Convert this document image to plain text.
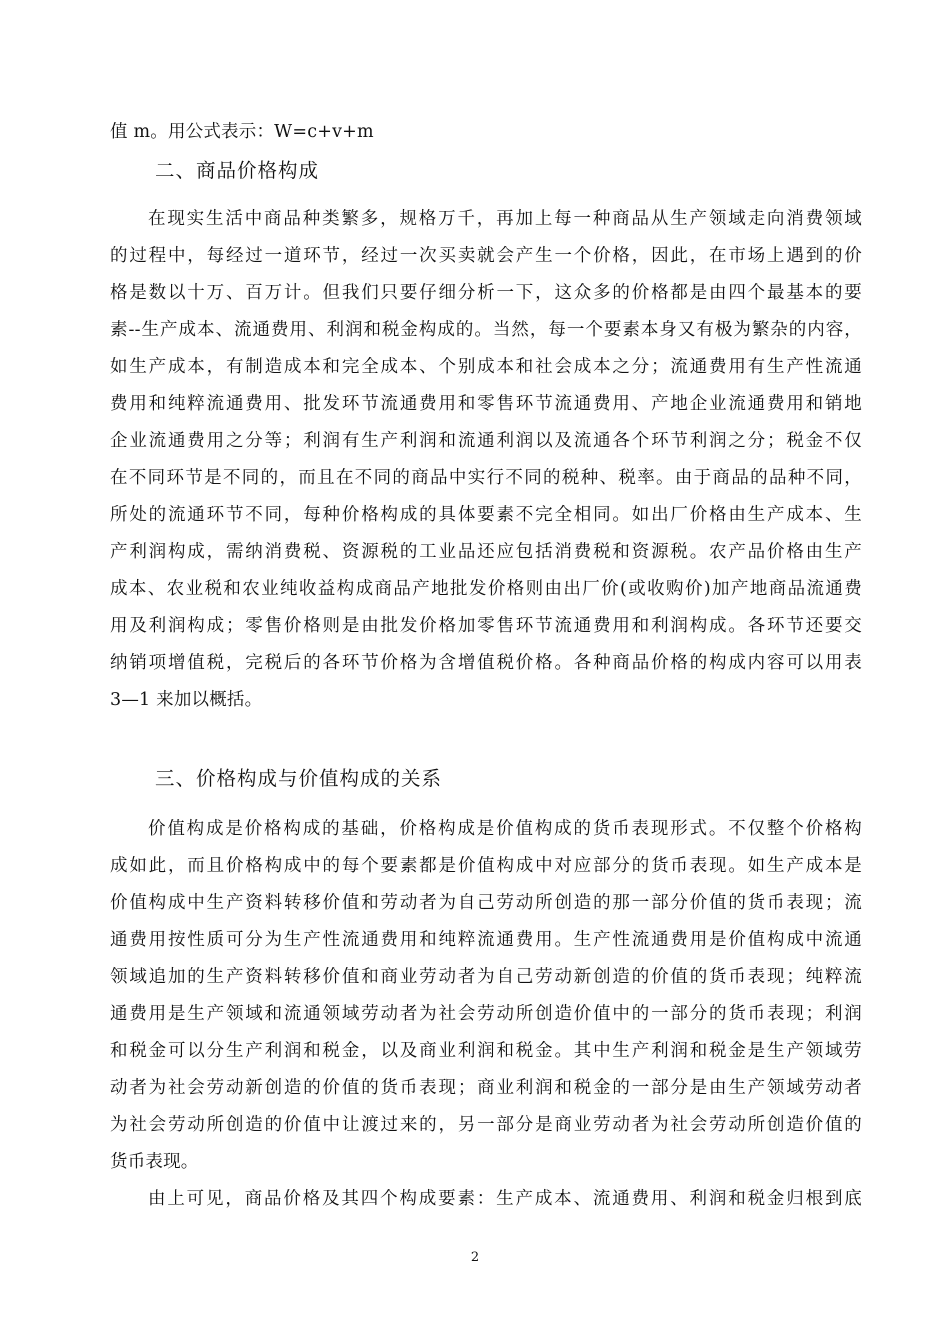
值 m。用公式表示：W=c+v+m
二、商品价格构成
在现实生活中商品种类繁多，规格万千，再加上每一种商品从生产领域走向消费领域
的过程中，每经过一道环节，经过一次买卖就会产生一个价格，因此，在市场上遇到的价
格是数以十万、百万计。但我们只要仔细分析一下，这众多的价格都是由四个最基本的要
素--生产成本、流通费用、利润和税金构成的。当然，每一个要素本身又有极为繁杂的内容，
如生产成本，有制造成本和完全成本、个别成本和社会成本之分；流通费用有生产性流通
费用和纯粹流通费用、批发环节流通费用和零售环节流通费用、产地企业流通费用和销地
企业流通费用之分等；利润有生产利润和流通利润以及流通各个环节利润之分；税金不仅
在不同环节是不同的，而且在不同的商品中实行不同的税种、税率。由于商品的品种不同，
所处的流通环节不同，每种价格构成的具体要素不完全相同。如出厂价格由生产成本、生
产利润构成，需纳消费税、资源税的工业品还应包括消费税和资源税。农产品价格由生产
成本、农业税和农业纯收益构成商品产地批发价格则由出厂价(或收购价)加产地商品流通费
用及利润构成；零售价格则是由批发价格加零售环节流通费用和利润构成。各环节还要交
纳销项增值税，完税后的各环节价格为含增值税价格。各种商品价格的构成内容可以用表
3—1 来加以概括。
三、价格构成与价值构成的关系
价值构成是价格构成的基础，价格构成是价值构成的货币表现形式。不仅整个价格构
成如此，而且价格构成中的每个要素都是价值构成中对应部分的货币表现。如生产成本是
价值构成中生产资料转移价值和劳动者为自己劳动所创造的那一部分价值的货币表现；流
通费用按性质可分为生产性流通费用和纯粹流通费用。生产性流通费用是价值构成中流通
领域追加的生产资料转移价值和商业劳动者为自己劳动新创造的价值的货币表现；纯粹流
通费用是生产领域和流通领域劳动者为社会劳动所创造价值中的一部分的货币表现；利润
和税金可以分生产利润和税金，以及商业利润和税金。其中生产利润和税金是生产领域劳
动者为社会劳动新创造的价值的货币表现；商业利润和税金的一部分是由生产领域劳动者
为社会劳动所创造的价值中让渡过来的，另一部分是商业劳动者为社会劳动所创造价值的
货币表现。
由上可见，商品价格及其四个构成要素：生产成本、流通费用、利润和税金归根到底
2
